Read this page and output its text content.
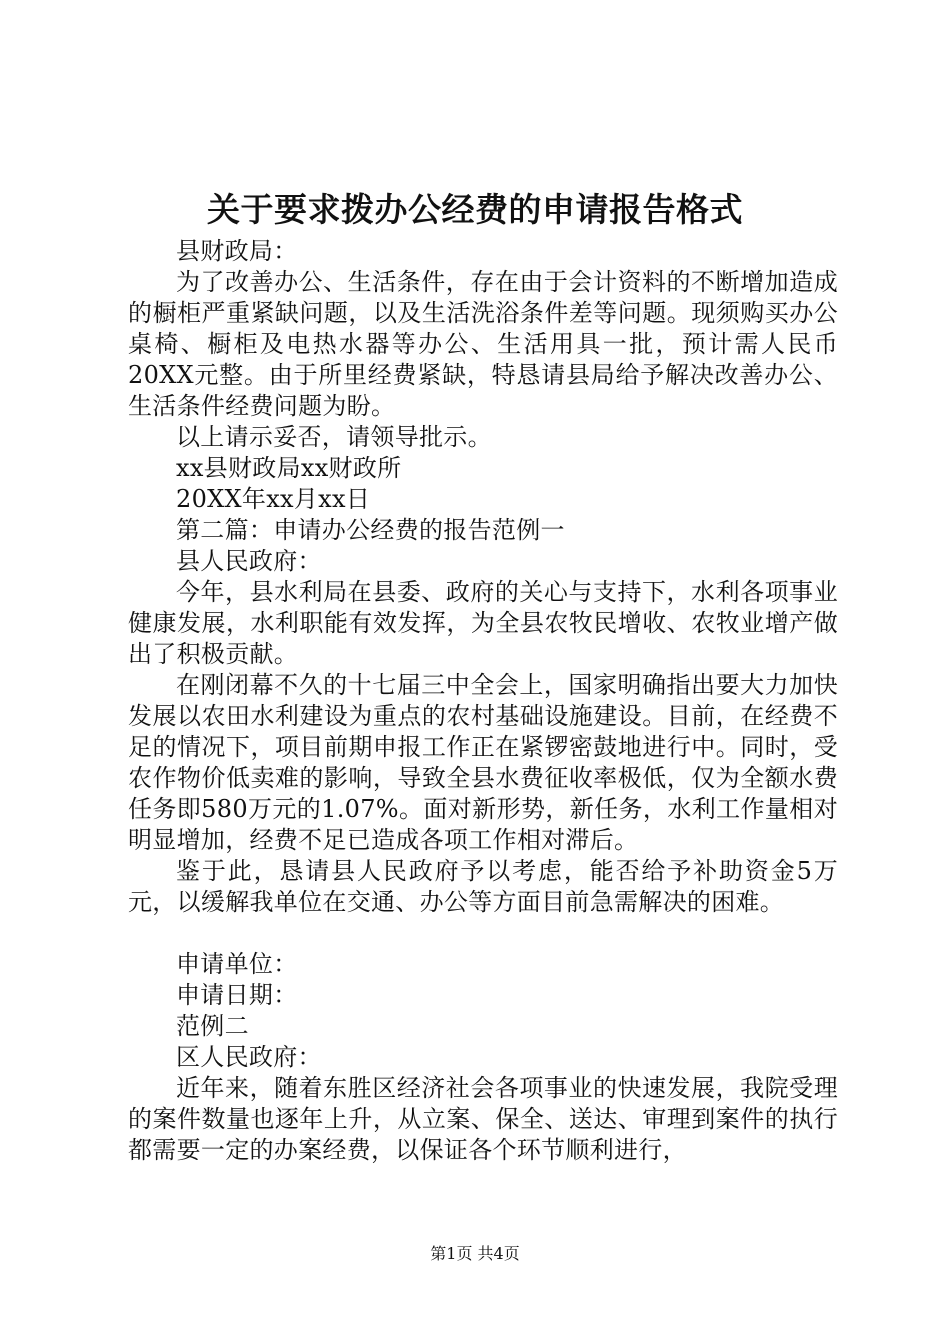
关于要求拨办公经费的申请报告格式

县财政局：

为了改善办公、生活条件，存在由于会计资料的不断增加造成的橱柜严重紧缺问题，以及生活洗浴条件差等问题。现须购买办公桌椅、橱柜及电热水器等办公、生活用具一批，预计需人民币20XX元整。由于所里经费紧缺，特恳请县局给予解决改善办公、生活条件经费问题为盼。

以上请示妥否，请领导批示。

xx县财政局xx财政所

20XX年xx月xx日

第二篇：申请办公经费的报告范例一

县人民政府：

今年，县水利局在县委、政府的关心与支持下，水利各项事业健康发展，水利职能有效发挥，为全县农牧民增收、农牧业增产做出了积极贡献。

在刚闭幕不久的十七届三中全会上，国家明确指出要大力加快发展以农田水利建设为重点的农村基础设施建设。目前，在经费不足的情况下，项目前期申报工作正在紧锣密鼓地进行中。同时，受农作物价低卖难的影响，导致全县水费征收率极低，仅为全额水费任务即580万元的1.07%。面对新形势，新任务，水利工作量相对明显增加，经费不足已造成各项工作相对滞后。

鉴于此，恳请县人民政府予以考虑，能否给予补助资金5万元，以缓解我单位在交通、办公等方面目前急需解决的困难。

申请单位：

申请日期：

范例二

区人民政府：

近年来，随着东胜区经济社会各项事业的快速发展，我院受理的案件数量也逐年上升，从立案、保全、送达、审理到案件的执行都需要一定的办案经费，以保证各个环节顺利进行，

第1页 共4页
